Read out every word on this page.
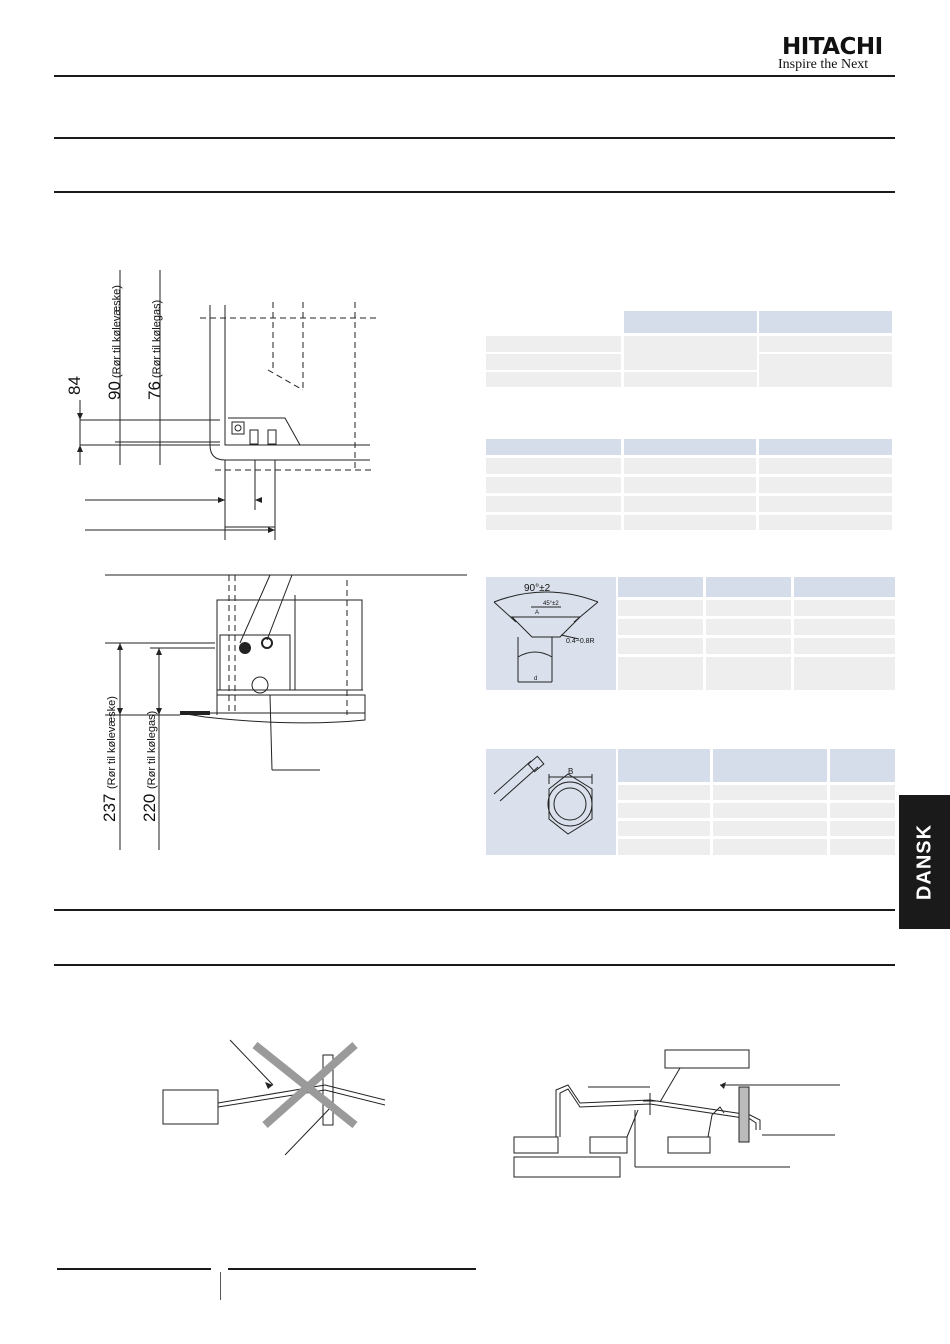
HITACHI
Inspire the Next
DANSK
84 90
(Rør til kølevæske)
76
(Rør til kølegas)
237
(Rør til kølevæske)
220
(Rør til kølegas)
90°±2
45°±2
A
0.4~0.8R
d
B
